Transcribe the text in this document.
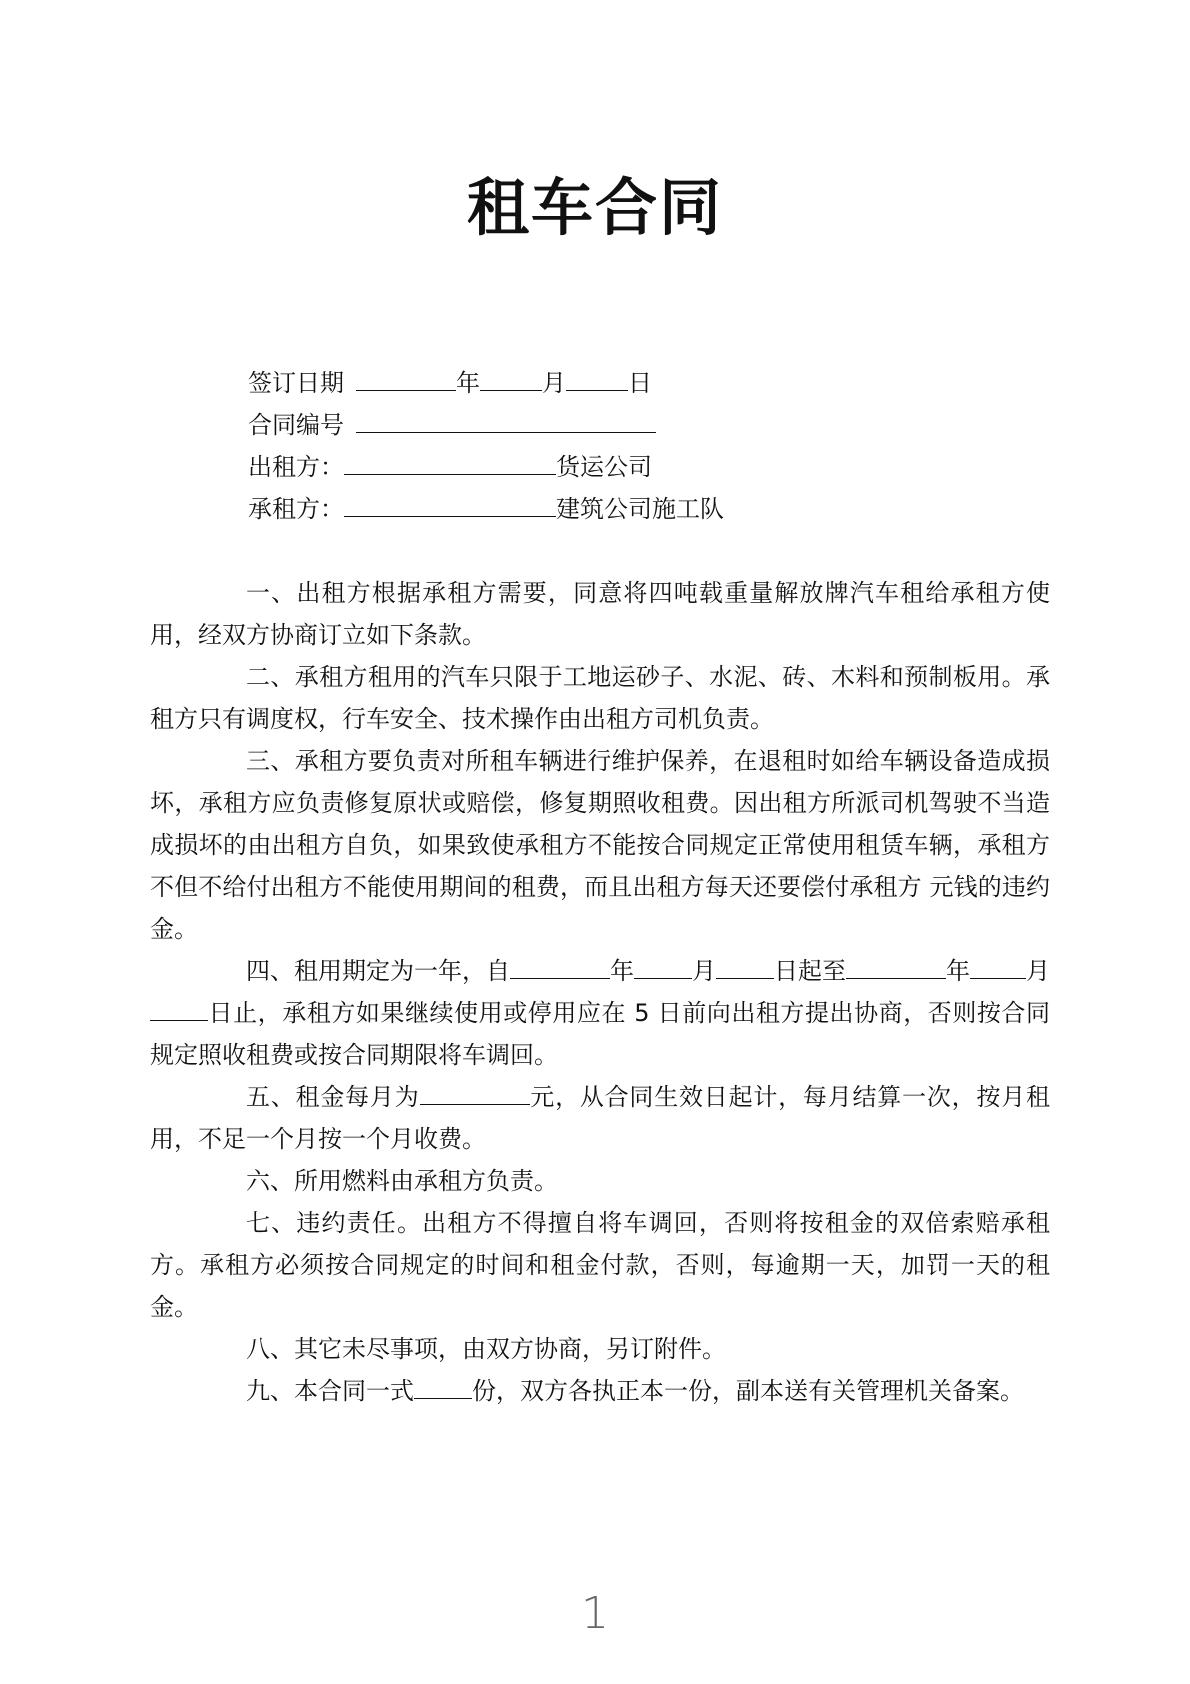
租车合同
签订日期	年	月	日
合同编号
出租方：	货运公司
承租方：	建筑公司施工队

一、出租方根据承租方需要，同意将四吨载重量解放牌汽车租给承租方使用，经双方协商订立如下条款。

二、承租方租用的汽车只限于工地运砂子、水泥、砖、木料和预制板用。承租方只有调度权，行车安全、技术操作由出租方司机负责。

三、承租方要负责对所租车辆进行维护保养，在退租时如给车辆设备造成损坏，承租方应负责修复原状或赔偿，修复期照收租费。因出租方所派司机驾驶不当造成损坏的由出租方自负，如果致使承租方不能按合同规定正常使用租赁车辆，承租方不但不给付出租方不能使用期间的租费，而且出租方每天还要偿付承租方 元钱的违约金。

四、租用期定为一年，自	年 月 日起至	年 月日止，承租方如果继续使用或停用应在 5 日前向出租方提出协商，否则按合同规定照收租费或按合同期限将车调回。

五、租金每月为	元，从合同生效日起计，每月结算一次，按月租用，不足一个月按一个月收费。

六、所用燃料由承租方负责。

七、违约责任。出租方不得擅自将车调回，否则将按租金的双倍索赔承租方。承租方必须按合同规定的时间和租金付款，否则，每逾期一天，加罚一天的租金。

八、其它未尽事项，由双方协商，另订附件。

九、本合同一式 份，双方各执正本一份，副本送有关管理机关备案。

1
